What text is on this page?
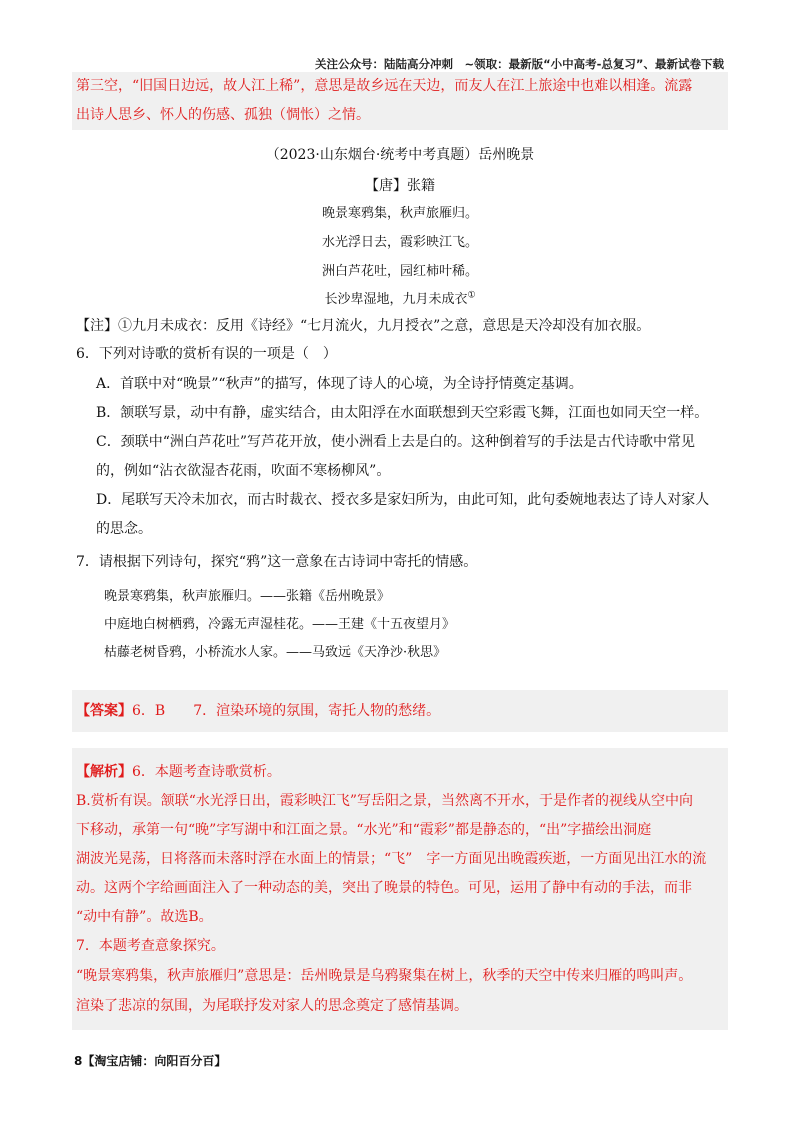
关注公众号：陆陆高分冲刺　~领取：最新版“小中高考-总复习”、最新试卷下载
第三空，“旧国日边远，故人江上稀”，意思是故乡远在天边，而友人在江上旅途中也难以相逢。流露
出诗人思乡、怀人的伤感、孤独（惆怅）之情。
（2023·山东烟台·统考中考真题）岳州晚景
【唐】张籍
晚景寒鸦集，秋声旅雁归。
水光浮日去，霞彩映江飞。
洲白芦花吐，园红柿叶稀。
长沙卑湿地，九月未成衣①
【注】①九月未成衣：反用《诗经》“七月流火，九月授衣”之意，意思是天冷却没有加衣服。
6．下列对诗歌的赏析有误的一项是（　）
A．首联中对“晚景”“秋声”的描写，体现了诗人的心境，为全诗抒情奠定基调。
B．颔联写景，动中有静，虚实结合，由太阳浮在水面联想到天空彩霞飞舞，江面也如同天空一样。
C．颈联中“洲白芦花吐”写芦花开放，使小洲看上去是白的。这种倒着写的手法是古代诗歌中常见
的，例如“沾衣欲湿杏花雨，吹面不寒杨柳风”。
D．尾联写天冷未加衣，而古时裁衣、授衣多是家妇所为，由此可知，此句委婉地表达了诗人对家人
的思念。
7．请根据下列诗句，探究“鸦”这一意象在古诗词中寄托的情感。
晚景寒鸦集，秋声旅雁归。——张籍《岳州晚景》
中庭地白树栖鸦，冷露无声湿桂花。——王建《十五夜望月》
枯藤老树昏鸦，小桥流水人家。——马致远《天净沙·秋思》
【答案】6．B　　7．渲染环境的氛围，寄托人物的愁绪。
【解析】6．本题考查诗歌赏析。
B.赏析有误。颔联“水光浮日出，霞彩映江飞”写岳阳之景，当然离不开水，于是作者的视线从空中向
下移动，承第一句“晚”字写湖中和江面之景。“水光”和“霞彩”都是静态的，“出”字描绘出洞庭
湖波光晃荡，日将落而未落时浮在水面上的情景；“飞”　字一方面见出晚霞疾逝，一方面见出江水的流
动。这两个字给画面注入了一种动态的美，突出了晚景的特色。可见，运用了静中有动的手法，而非
“动中有静”。故选B。
7．本题考查意象探究。
“晚景寒鸦集，秋声旅雁归”意思是：岳州晚景是乌鸦聚集在树上，秋季的天空中传来归雁的鸣叫声。
渲染了悲凉的氛围，为尾联抒发对家人的思念奠定了感情基调。
8【淘宝店铺：向阳百分百】
